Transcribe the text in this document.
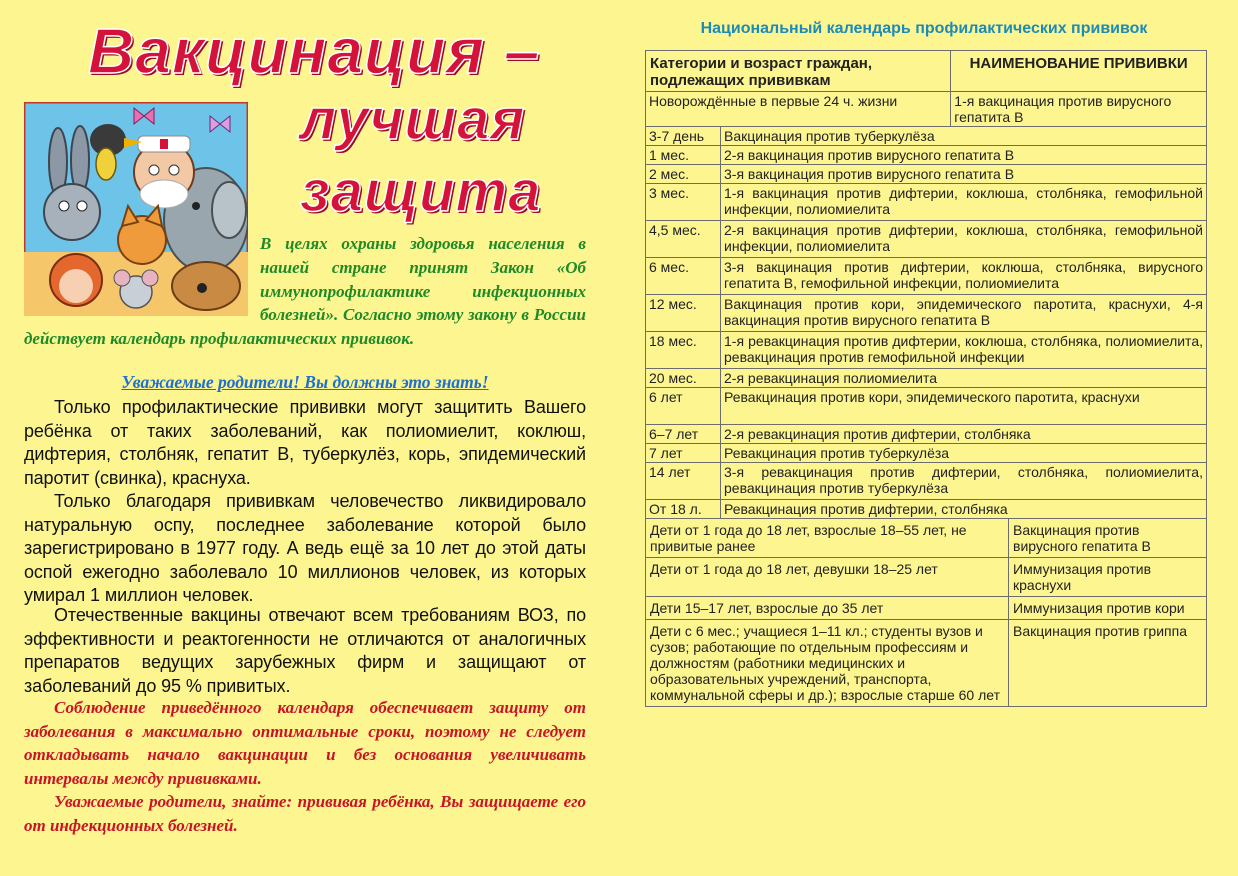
Вакцинация –
лучшая
защита
В целях охраны здоровья населения в нашей стране принят Закон «Об иммунопрофилактике инфекционных болезней». Согласно этому закону в России действует календарь профилактических прививок.
Уважаемые родители! Вы должны это знать!
Только профилактические прививки могут защитить Вашего ребёнка от таких заболеваний, как полиомиелит, коклюш, дифтерия, столбняк, гепатит В, туберкулёз, корь, эпидемический паротит (свинка), краснуха.
Только благодаря прививкам человечество ликвидировало натуральную оспу, последнее заболевание которой было зарегистрировано в 1977 году. А ведь ещё за 10 лет до этой даты оспой ежегодно заболевало 10 миллионов человек, из которых умирал 1 миллион человек.
Отечественные вакцины отвечают всем требованиям ВОЗ, по эффективности и реактогенности не отличаются от аналогичных препаратов ведущих зарубежных фирм и защищают от заболеваний до 95 % привитых.
Соблюдение приведённого календаря обеспечивает защиту от заболевания в максимально оптимальные сроки, поэтому не следует откладывать начало вакцинации и без основания увеличивать интервалы между прививками.
Уважаемые родители, знайте: прививая ребёнка, Вы защищаете его от инфекционных болезней.
Национальный календарь профилактических прививок
Категории и возраст граждан, подлежащих прививкам		НАИМЕНОВАНИЕ ПРИВИВКИ	
Новорождённые в первые 24 ч. жизни		1-я вакцинация против вирусного гепатита В	
3-7 день	Вакцинация против туберкулёза		
1 мес.	2-я вакцинация против вирусного гепатита В		
2 мес.	3-я вакцинация против вирусного гепатита В		
3 мес.	1-я вакцинация против дифтерии, коклюша, столбняка, гемофильной инфекции, полиомиелита		
4,5 мес.	2-я вакцинация против дифтерии, коклюша, столбняка, гемофильной инфекции, полиомиелита		
6 мес.	3-я вакцинация против дифтерии, коклюша, столбняка, вирусного гепатита В, гемофильной инфекции, полиомиелита		
12 мес.	Вакцинация против кори, эпидемического паротита, краснухи, 4-я вакцинация против вирусного гепатита В		
18 мес.	1-я ревакцинация против дифтерии, коклюша, столбняка, полиомиелита, ревакцинация против гемофильной инфекции		
20 мес.	2-я ревакцинация полиомиелита		
6 лет	Ревакцинация против кори, эпидемического паротита, краснухи		
6–7 лет	2-я ревакцинация против дифтерии, столбняка		
7 лет	Ревакцинация против туберкулёза		
14 лет	3-я ревакцинация против дифтерии, столбняка, полиомиелита, ревакцинация против туберкулёза		
От 18 л.	Ревакцинация против дифтерии, столбняка		
Дети от 1 года до 18 лет, взрослые 18–55 лет, не привитые ранее			Вакцинация против вирусного гепатита В
Дети от 1 года до 18 лет, девушки 18–25 лет			Иммунизация против краснухи
Дети 15–17 лет, взрослые до 35 лет			Иммунизация против кори
Дети с 6 мес.; учащиеся 1–11 кл.; студенты вузов и сузов; работающие по отдельным профессиям и должностям (работники медицинских и образовательных учреждений, транспорта, коммунальной сферы и др.); взрослые старше 60 лет			Вакцинация против гриппа
